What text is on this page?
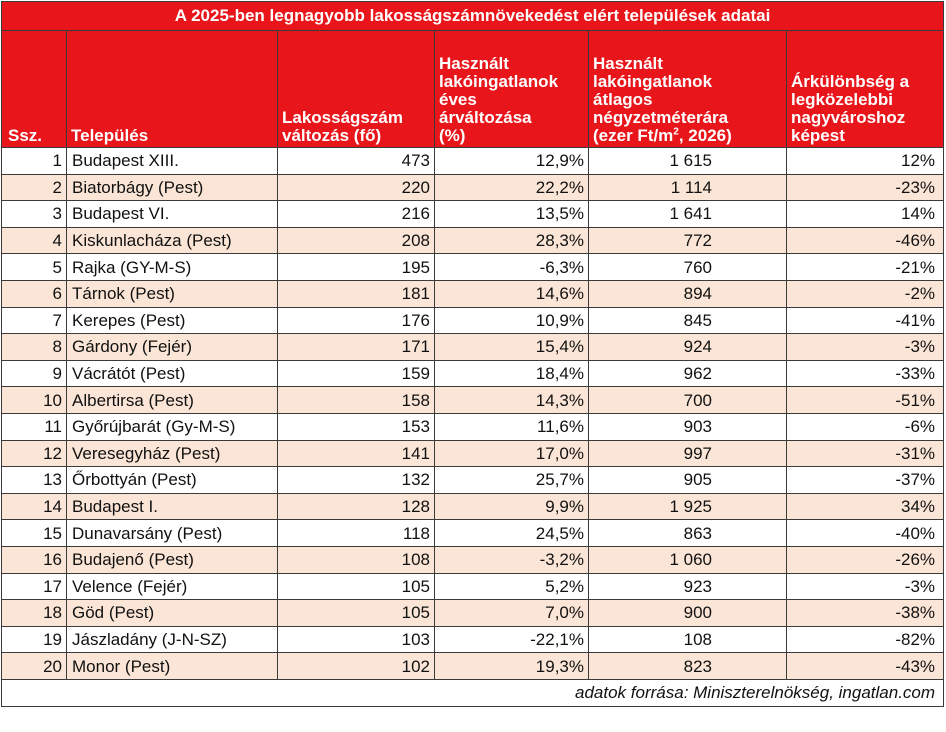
A 2025-ben legnagyobb lakosságszámnövekedést elért települések adatai					
Ssz.	Település	Lakosságszám
változás (fő)	Használt
lakóingatlanok
éves
árváltozása
(%)	Használt
lakóingatlanok
átlagos
négyzetméterára
(ezer $Ft/m^2$, 2026)	Árkülönbség a
legközelebbi
nagyvároshoz
képest

1	Budapest XIII.	473	12,9%	1 615	12%
2	Biatorbágy (Pest)	220	22,2%	1 114	-23%
3	Budapest VI.	216	13,5%	1 641	14%
4	Kiskunlacháza (Pest)	208	28,3%	772	-46%
5	Rajka (GY-M-S)	195	-6,3%	760	-21%
6	Tárnok (Pest)	181	14,6%	894	-2%
7	Kerepes (Pest)	176	10,9%	845	-41%
8	Gárdony (Fejér)	171	15,4%	924	-3%
9	Vácrátót (Pest)	159	18,4%	962	-33%
10	Albertirsa (Pest)	158	14,3%	700	-51%
11	Győrújbarát (Gy-M-S)	153	11,6%	903	-6%
12	Veresegyház (Pest)	141	17,0%	997	-31%
13	Őrbottyán (Pest)	132	25,7%	905	-37%
14	Budapest I.	128	9,9%	1 925	34%
15	Dunavarsány (Pest)	118	24,5%	863	-40%
16	Budajenő (Pest)	108	-3,2%	1 060	-26%
17	Velence (Fejér)	105	5,2%	923	-3%
18	Göd (Pest)	105	7,0%	900	-38%
19	Jászladány (J-N-SZ)	103	-22,1%	108	-82%
20	Monor (Pest)	102	19,3%	823	-43%
adatok forrása: Miniszterelnökség, ingatlan.com					
